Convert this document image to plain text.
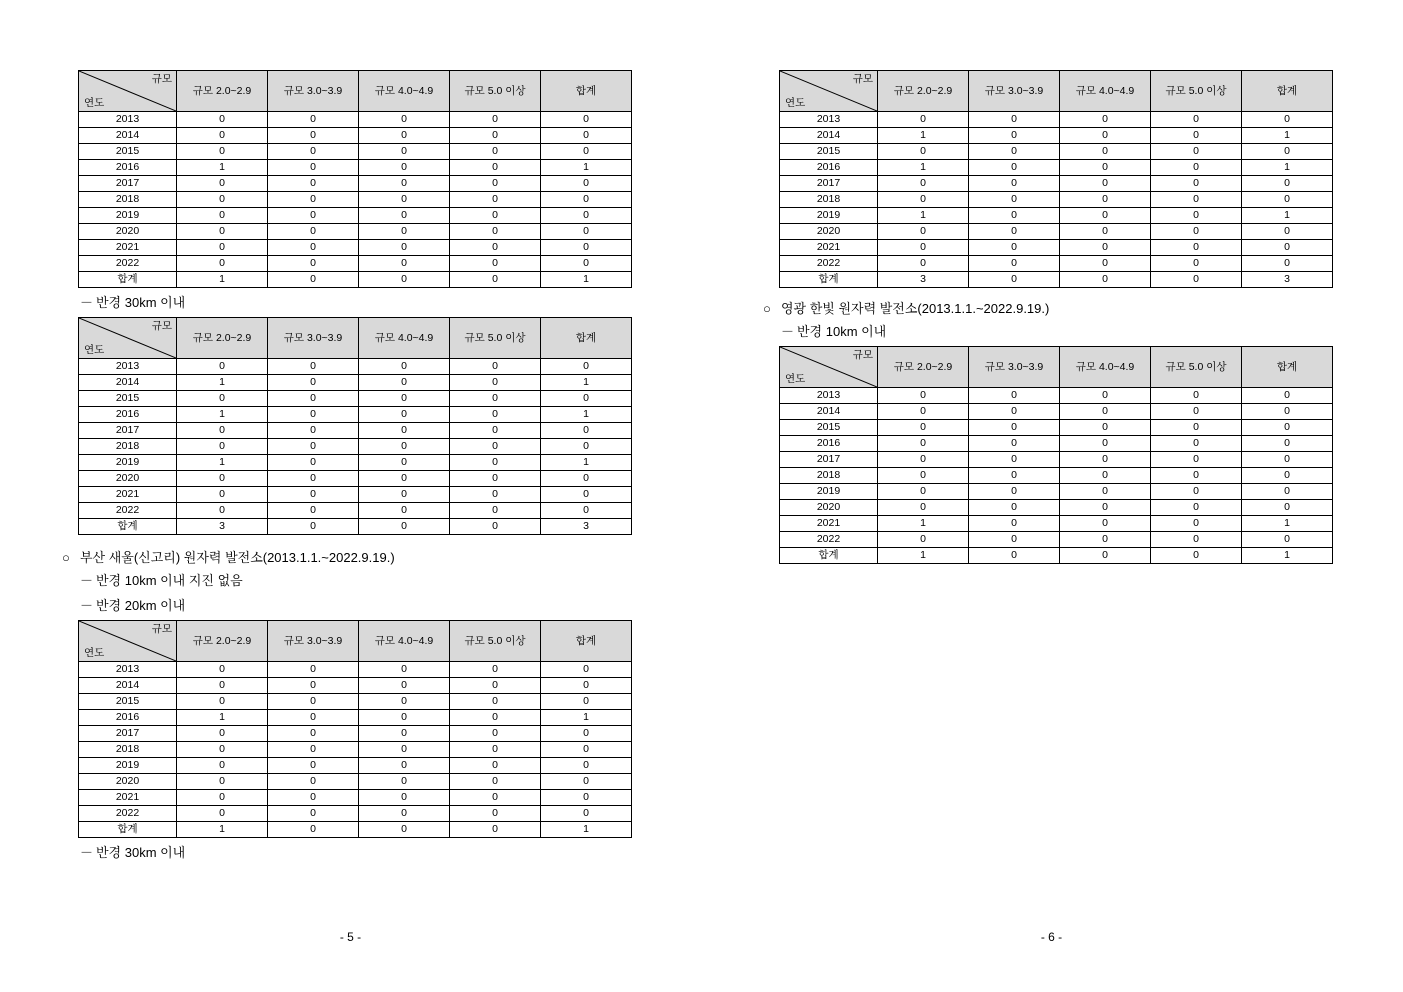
규모
연도	규모 2.0~2.9	규모 3.0~3.9	규모 4.0~4.9	규모 5.0 이상	합계
2013	0	0	0	0	0
2014	0	0	0	0	0
2015	0	0	0	0	0
2016	1	0	0	0	1
2017	0	0	0	0	0
2018	0	0	0	0	0
2019	0	0	0	0	0
2020	0	0	0	0	0
2021	0	0	0	0	0
2022	0	0	0	0	0
합계	1	0	0	0	1
－ 반경 30km 이내
규모
연도	규모 2.0~2.9	규모 3.0~3.9	규모 4.0~4.9	규모 5.0 이상	합계
2013	0	0	0	0	0
2014	1	0	0	0	1
2015	0	0	0	0	0
2016	1	0	0	0	1
2017	0	0	0	0	0
2018	0	0	0	0	0
2019	1	0	0	0	1
2020	0	0	0	0	0
2021	0	0	0	0	0
2022	0	0	0	0	0
합계	3	0	0	0	3
○ 부산 새울(신고리) 원자력 발전소(2013.1.1.~2022.9.19.)
－ 반경 10km 이내 지진 없음
－ 반경 20km 이내
규모
연도	규모 2.0~2.9	규모 3.0~3.9	규모 4.0~4.9	규모 5.0 이상	합계
2013	0	0	0	0	0
2014	0	0	0	0	0
2015	0	0	0	0	0
2016	1	0	0	0	1
2017	0	0	0	0	0
2018	0	0	0	0	0
2019	0	0	0	0	0
2020	0	0	0	0	0
2021	0	0	0	0	0
2022	0	0	0	0	0
합계	1	0	0	0	1
－ 반경 30km 이내
- 5 -
규모
연도	규모 2.0~2.9	규모 3.0~3.9	규모 4.0~4.9	규모 5.0 이상	합계
2013	0	0	0	0	0
2014	1	0	0	0	1
2015	0	0	0	0	0
2016	1	0	0	0	1
2017	0	0	0	0	0
2018	0	0	0	0	0
2019	1	0	0	0	1
2020	0	0	0	0	0
2021	0	0	0	0	0
2022	0	0	0	0	0
합계	3	0	0	0	3
○ 영광 한빛 원자력 발전소(2013.1.1.~2022.9.19.)
－ 반경 10km 이내
규모
연도	규모 2.0~2.9	규모 3.0~3.9	규모 4.0~4.9	규모 5.0 이상	합계
2013	0	0	0	0	0
2014	0	0	0	0	0
2015	0	0	0	0	0
2016	0	0	0	0	0
2017	0	0	0	0	0
2018	0	0	0	0	0
2019	0	0	0	0	0
2020	0	0	0	0	0
2021	1	0	0	0	1
2022	0	0	0	0	0
합계	1	0	0	0	1
- 6 -
